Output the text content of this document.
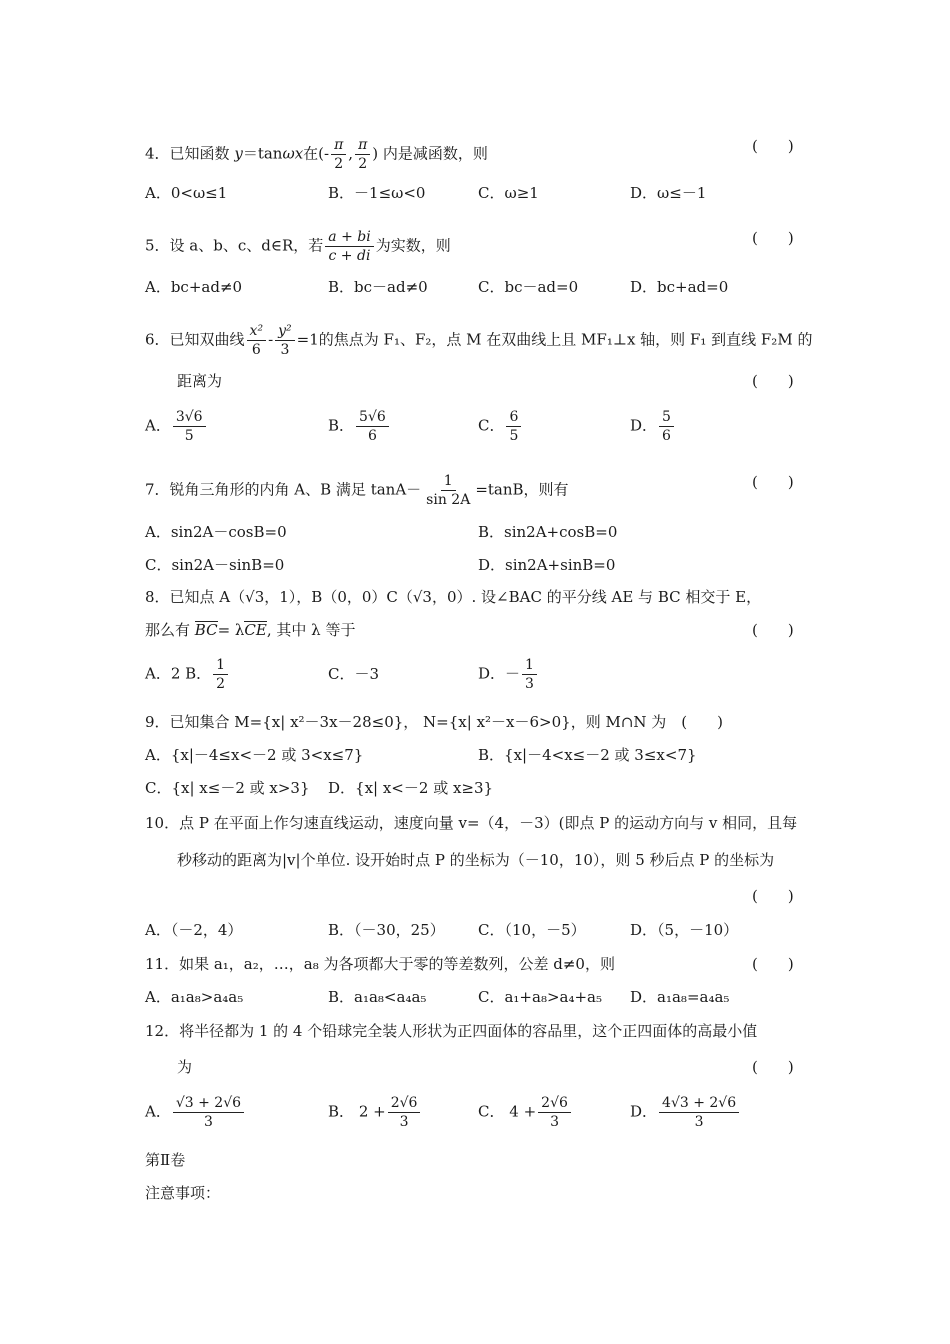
4．已知函数 y＝tanωx在(- $\frac{\pi}{2}$ , $\frac{\pi}{2}$ ) 内是减函数，则	(　　)
A．0<ω≤1	B．－1≤ω<0	C．ω≥1	D．ω≤－1
5．设 a、b、c、d∈R，若 $\frac{a + bi}{c + di}$ 为实数，则	(　　)
A．bc+ad≠0	B．bc－ad≠0	C．bc－ad=0	D．bc+ad=0
6．已知双曲线 $\frac{\text{x²}}{6} - \frac{\text{y²}}{3} =1$的焦点为 F₁、F₂，点 M 在双曲线上且 MF₁⊥x 轴，则 F₁ 到直线 F₂M 的
距离为	(　　)
A． $\frac{3√6}{5}$	B． $\frac{5√6}{6}$	C． $\frac{6}{5}$	D． $\frac{5}{6}$
7．锐角三角形的内角 A、B 满足 $\tan A- \frac{1}{\sin 2A} =\tan B$，则有	(　　)
A．sin2A－cosB=0	B．sin2A+cosB=0
C．sin2A－sinB=0	D．sin2A+sinB=0
8．已知点 A（√3，1），B（0，0）C（√3，0）. 设∠BAC 的平分线 AE 与 BC 相交于 E，
那么有 BC= λCE, 其中 λ 等于	(　　)
A．2 B． $\frac{1}{2}$	C．－3	D．－ $\frac{1}{3}$
9．已知集合 M={x| x²－3x－28≤0}， N={x| x²－x－6>0}，则 M∩N 为　(　　)
A．{x|－4≤x<－2 或 3<x≤7}	B．{x|－4<x≤－2 或 3≤x<7}
C．{x| x≤－2 或 x>3} D．{x| x<－2 或 x≥3}
10．点 P 在平面上作匀速直线运动，速度向量 v=（4，－3）(即点 P 的运动方向与 v 相同，且每
秒移动的距离为|v|个单位. 设开始时点 P 的坐标为（－10，10），则 5 秒后点 P 的坐标为
(　　)
A．（－2，4）	B．（－30，25） C．（10，－5）	D．（5，－10）
11．如果 a₁，a₂，…，a₈ 为各项都大于零的等差数列，公差 d≠0，则	(　　)
A．a₁a₈>a₄a₅	B．a₁a₈<a₄a₅	C．a₁+a₈>a₄+a₅ D．a₁a₈=a₄a₅
12．将半径都为 1 的 4 个铅球完全装人形状为正四面体的容品里，这个正四面体的高最小值
为	(　　)
A． $\frac{√3 + 2√6}{3}$	B． $2 + \frac{2√6}{3}$	C． $4 + \frac{2√6}{3}$	D． $\frac{4√3 + 2√6}{3}$
第Ⅱ卷
注意事项：
